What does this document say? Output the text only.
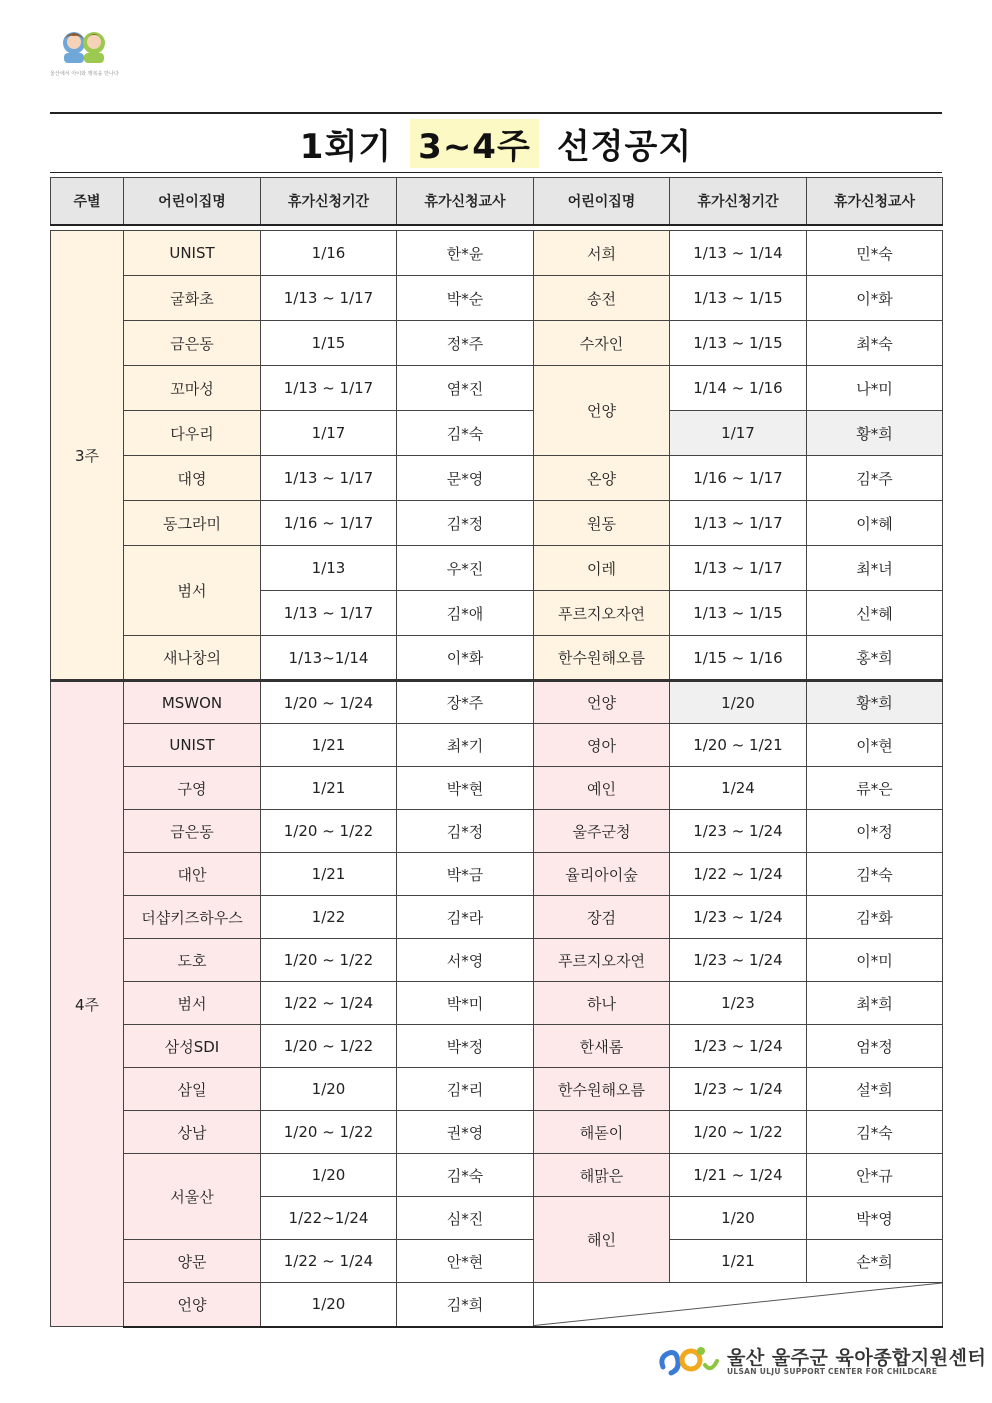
울산에서 아이와 행복을 만나다
1회기 3~4주 선정공지
주별	어린이집명	휴가신청기간	휴가신청교사	어린이집명	휴가신청기간	휴가신청교사

3주	UNIST	1/16	한*윤	서희	1/13 ~ 1/14	민*숙
	굴화초	1/13 ~ 1/17	박*순	송전	1/13 ~ 1/15	이*화
	금은동	1/15	정*주	수자인	1/13 ~ 1/15	최*숙
	꼬마성	1/13 ~ 1/17	염*진	언양	1/14 ~ 1/16	나*미
	다우리	1/17	김*숙		1/17	황*희
	대영	1/13 ~ 1/17	문*영	온양	1/16 ~ 1/17	김*주
	동그라미	1/16 ~ 1/17	김*정	원동	1/13 ~ 1/17	이*혜
	범서	1/13	우*진	이레	1/13 ~ 1/17	최*녀
		1/13 ~ 1/17	김*애	푸르지오자연	1/13 ~ 1/15	신*혜
	새나창의	1/13~1/14	이*화	한수원해오름	1/15 ~ 1/16	홍*희
4주	MSWON	1/20 ~ 1/24	장*주	언양	1/20	황*희
	UNIST	1/21	최*기	영아	1/20 ~ 1/21	이*현
	구영	1/21	박*현	예인	1/24	류*은
	금은동	1/20 ~ 1/22	김*정	울주군청	1/23 ~ 1/24	이*정
	대안	1/21	박*금	율리아이숲	1/22 ~ 1/24	김*숙
	더샵키즈하우스	1/22	김*라	장검	1/23 ~ 1/24	김*화
	도호	1/20 ~ 1/22	서*영	푸르지오자연	1/23 ~ 1/24	이*미
	범서	1/22 ~ 1/24	박*미	하나	1/23	최*희
	삼성SDI	1/20 ~ 1/22	박*정	한새롬	1/23 ~ 1/24	엄*정
	삼일	1/20	김*리	한수원해오름	1/23 ~ 1/24	설*희
	상남	1/20 ~ 1/22	권*영	해돋이	1/20 ~ 1/22	김*숙
	서울산	1/20	김*숙	해맑은	1/21 ~ 1/24	안*규
		1/22~1/24	심*진	해인	1/20	박*영
	양문	1/22 ~ 1/24	안*현		1/21	손*희
	언양	1/20	김*희	
울산 울주군 육아종합지원센터
ULSAN ULJU SUPPORT CENTER FOR CHILDCARE
